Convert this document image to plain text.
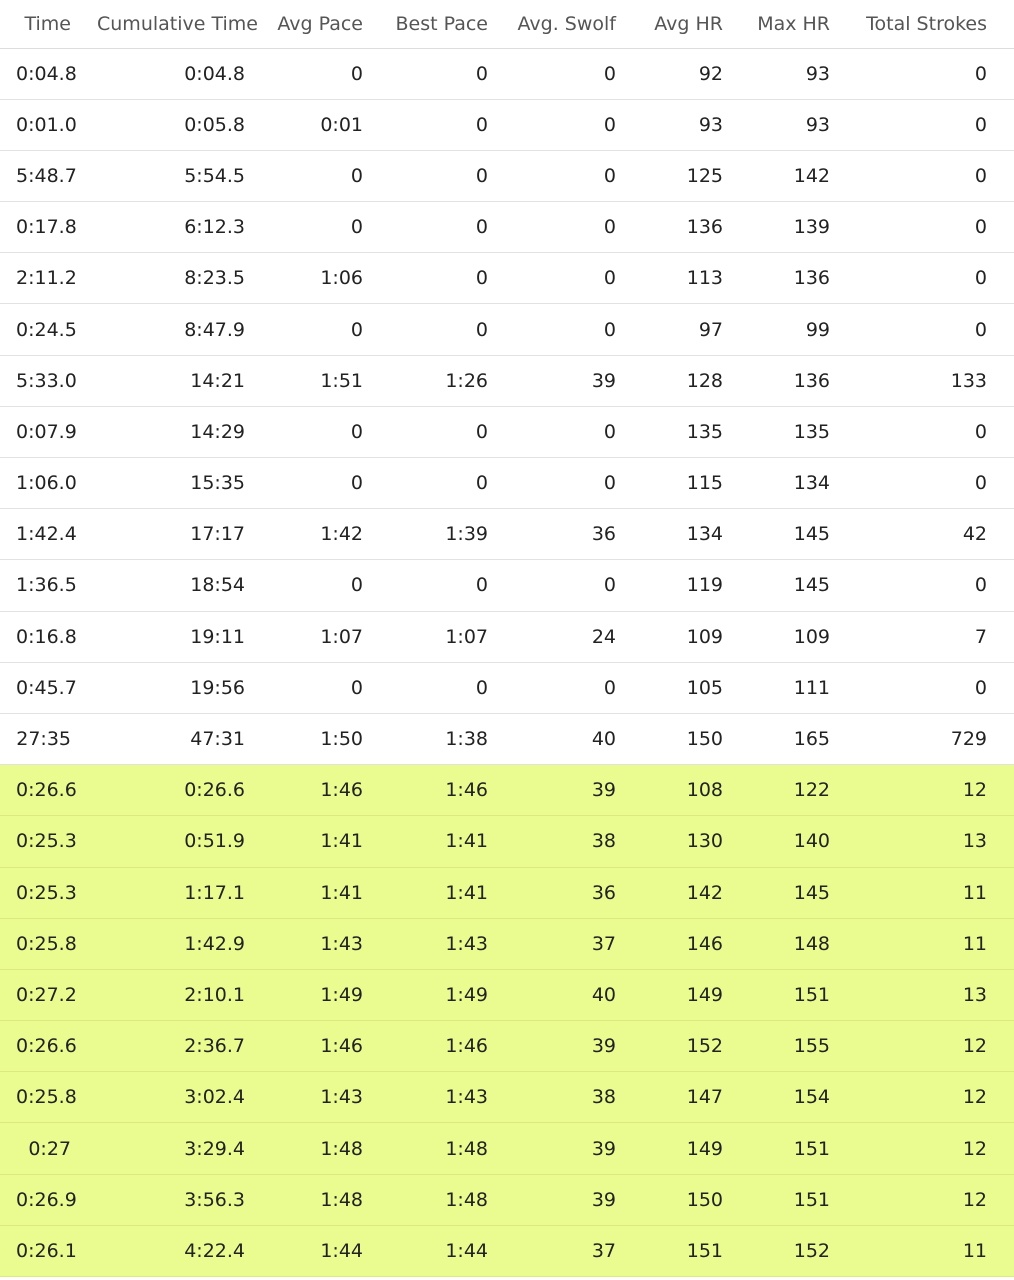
Time	Cumulative Time	Avg Pace	Best Pace	Avg. Swolf	Avg HR	Max HR	Total Strokes
0:04.8	0:04.8	0	0	0	92	93	0
0:01.0	0:05.8	0:01	0	0	93	93	0
5:48.7	5:54.5	0	0	0	125	142	0
0:17.8	6:12.3	0	0	0	136	139	0
2:11.2	8:23.5	1:06	0	0	113	136	0
0:24.5	8:47.9	0	0	0	97	99	0
5:33.0	14:21	1:51	1:26	39	128	136	133
0:07.9	14:29	0	0	0	135	135	0
1:06.0	15:35	0	0	0	115	134	0
1:42.4	17:17	1:42	1:39	36	134	145	42
1:36.5	18:54	0	0	0	119	145	0
0:16.8	19:11	1:07	1:07	24	109	109	7
0:45.7	19:56	0	0	0	105	111	0
27:35	47:31	1:50	1:38	40	150	165	729
0:26.6	0:26.6	1:46	1:46	39	108	122	12
0:25.3	0:51.9	1:41	1:41	38	130	140	13
0:25.3	1:17.1	1:41	1:41	36	142	145	11
0:25.8	1:42.9	1:43	1:43	37	146	148	11
0:27.2	2:10.1	1:49	1:49	40	149	151	13
0:26.6	2:36.7	1:46	1:46	39	152	155	12
0:25.8	3:02.4	1:43	1:43	38	147	154	12
0:27	3:29.4	1:48	1:48	39	149	151	12
0:26.9	3:56.3	1:48	1:48	39	150	151	12
0:26.1	4:22.4	1:44	1:44	37	151	152	11
